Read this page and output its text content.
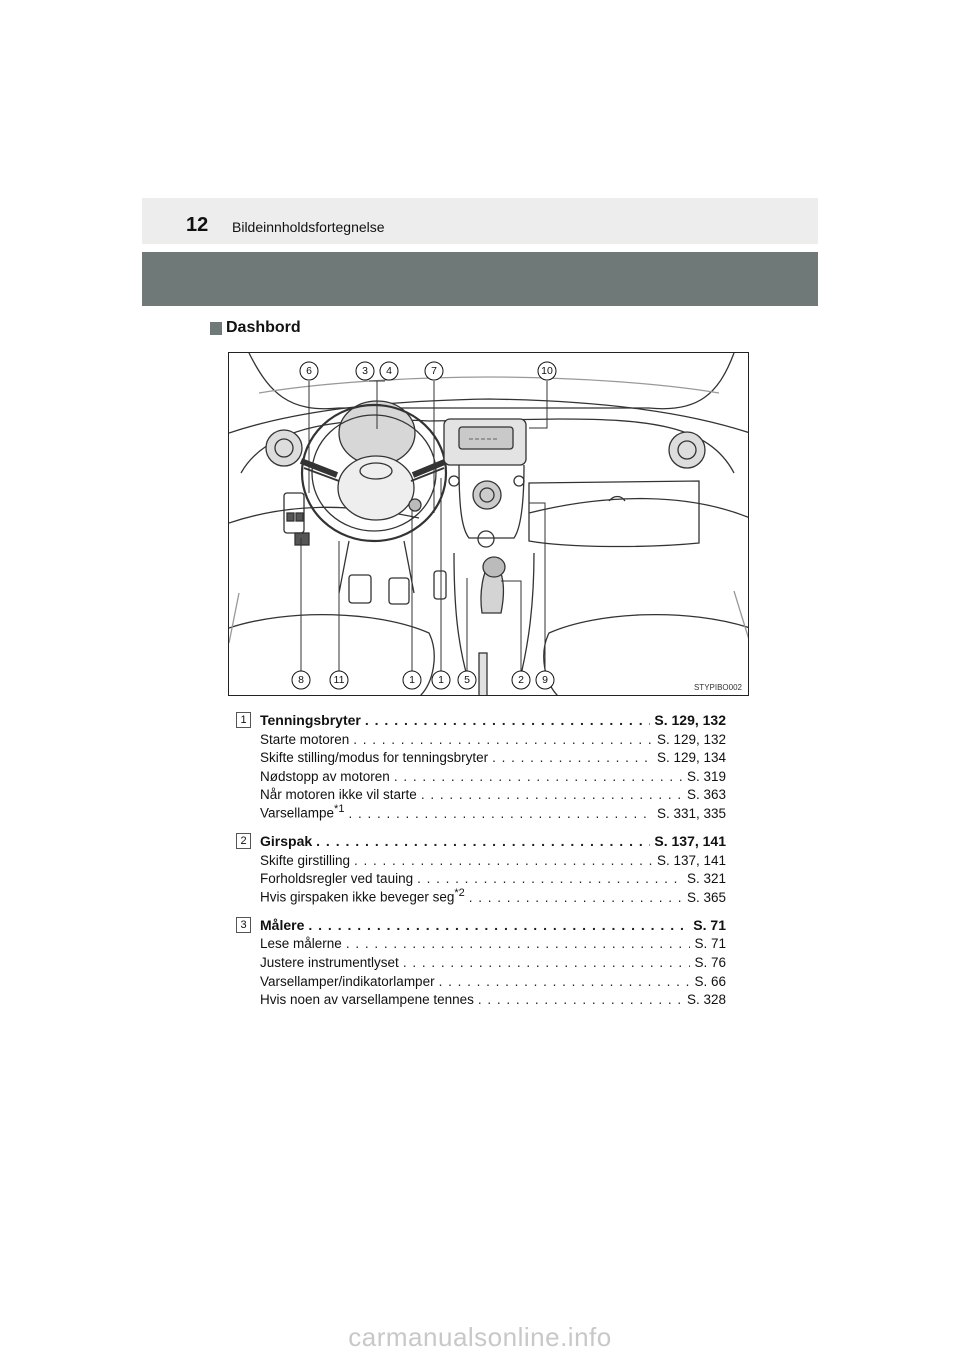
12 Bildeinnholdsfortegnelse
Dashbord
6	3	4	7	10
8	11	1	1	5	2	9
STYPIBO002
1 Tenningsbryter . . .	S. 129, 132
Starte motoren . . .	S. 129, 132
Skifte stilling/modus for tenningsbryter . . .	S. 129, 134
Nødstopp av motoren . . .	S. 319
Når motoren ikke vil starte . . .	S. 363
Varsellampe$^{*1}$ . . .	S. 331, 335
2 Girspak . . .	S. 137, 141
Skifte girstilling . . .	S. 137, 141
Forholdsregler ved tauing . . .	S. 321
Hvis girspaken ikke beveger seg$^{*2}$ . . .	S. 365
3 Målere . . .	S. 71
Lese målerne . . .	S. 71
Justere instrumentlyset . . .	S. 76
Varsellamper/indikatorlamper . . .	S. 66
Hvis noen av varsellampene tennes . . .	S. 328
carmanualsonline.info
